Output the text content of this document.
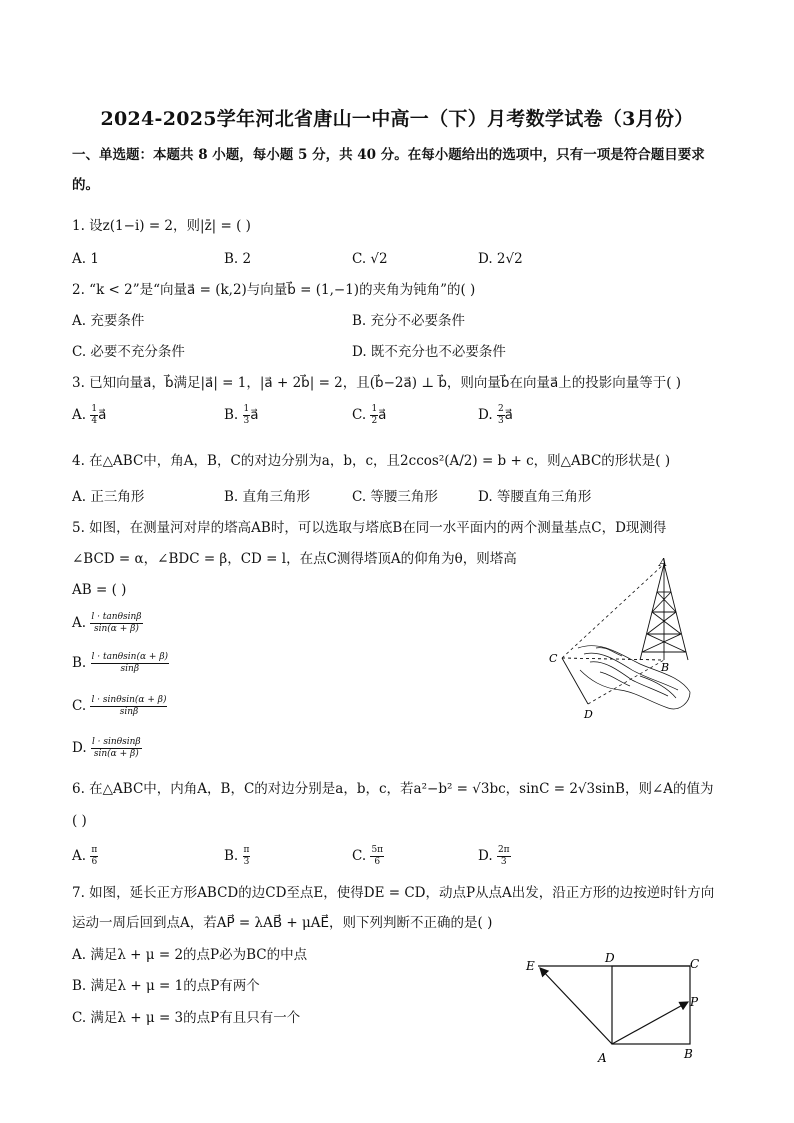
2024-2025学年河北省唐山一中高一（下）月考数学试卷（3月份）
一、单选题：本题共 8 小题，每小题 5 分，共 40 分。在每小题给出的选项中，只有一项是符合题目要求
的。
1. 设z(1−i) = 2，则|z̄| = ( )
A. 1	B. 2	C. √2	D. 2√2
2. “k < 2”是“向量a⃗ = (k,2)与向量b⃗ = (1,−1)的夹角为钝角”的( )
A. 充要条件	B. 充分不必要条件
C. 必要不充分条件	D. 既不充分也不必要条件
3. 已知向量a⃗，b⃗满足|a⃗| = 1，|a⃗ + 2b⃗| = 2，且(b⃗−2a⃗) ⊥ b⃗，则向量b⃗在向量a⃗上的投影向量等于( )
A. $\frac{1}{4}$ a⃗	B. $\frac{1}{3}$ a⃗	C. $\frac{1}{2}$ a⃗	D. $\frac{2}{3}$ a⃗
4. 在△ABC中，角A，B，C的对边分别为a，b，c，且2ccos²(A/2) = b + c，则△ABC的形状是( )
A. 正三角形	B. 直角三角形	C. 等腰三角形	D. 等腰直角三角形
5. 如图，在测量河对岸的塔高AB时，可以选取与塔底B在同一水平面内的两个测量基点C，D现测得
∠BCD = α，∠BDC = β，CD = l，在点C测得塔顶A的仰角为θ，则塔高
AB = ( )
A. $\frac{l \cdot \tan\theta\sin\beta}{\sin(\alpha + \beta)}$
B. $\frac{l \cdot \tan\theta\sin(\alpha + \beta)}{\sin\beta}$
C. $\frac{l \cdot \sin\theta\sin(\alpha + \beta)}{\sin\beta}$
D. $\frac{l \cdot \sin\theta\sin\beta}{\sin(\alpha + \beta)}$
A
B
C
D
6. 在△ABC中，内角A，B，C的对边分别是a，b，c，若a²−b² = √3bc，sinC = 2√3sinB，则∠A的值为
( )
A. $\frac{\pi}{6}$	B. $\frac{\pi}{3}$	C. $\frac{5\pi}{6}$	D. $\frac{2\pi}{3}$
7. 如图，延长正方形ABCD的边CD至点E，使得DE = CD，动点P从点A出发，沿正方形的边按逆时针方向
运动一周后回到点A，若AP⃗ = λAB⃗ + μAE⃗，则下列判断不正确的是( )
A. 满足λ + μ = 2的点P必为BC的中点
B. 满足λ + μ = 1的点P有两个
C. 满足λ + μ = 3的点P有且只有一个
E
D	C
P
A	B
